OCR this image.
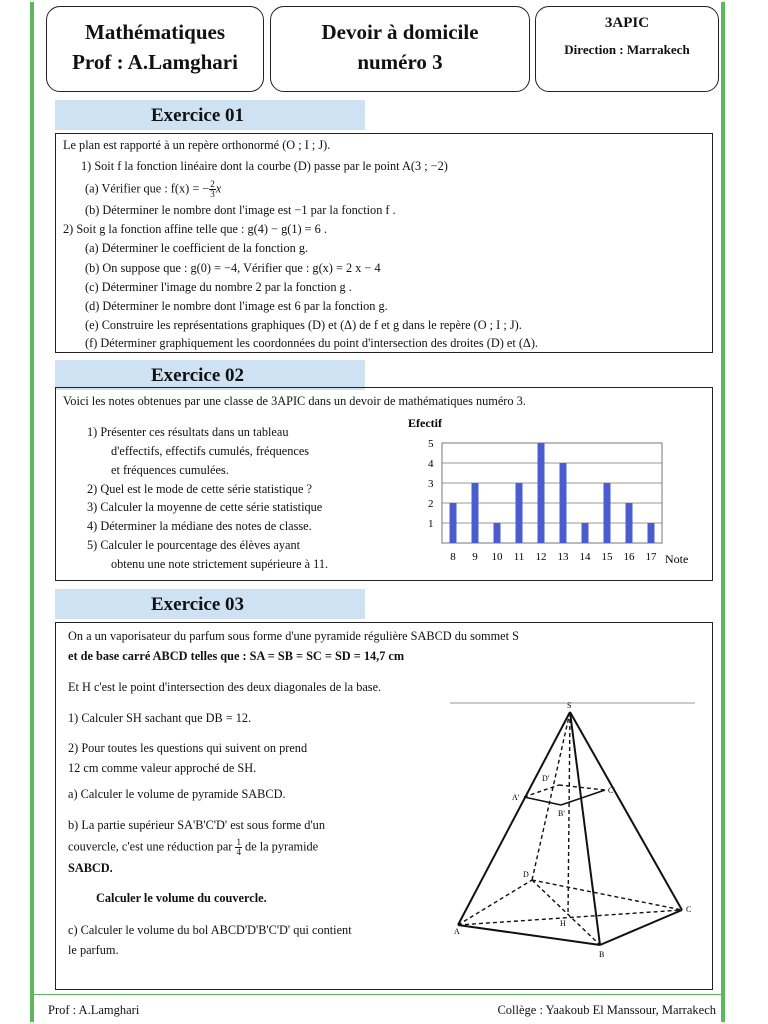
Mathématiques
Prof : A.Lamghari
Devoir à domicile
numéro 3
3APIC
Direction : Marrakech
Exercice 01
Le plan est rapporté à un repère orthonormé (O ; I ; J).
1) Soit f la fonction linéaire dont la courbe (D) passe par le point A(3 ; −2)
(a) Vérifier que : f(x) = − $\frac{2}{3}x$
(b) Déterminer le nombre dont l'image est −1 par la fonction f .
2) Soit g la fonction affine telle que : g(4) − g(1) = 6 .
(a) Déterminer le coefficient de la fonction g.
(b) On suppose que : g(0) = −4, Vérifier que : g(x) = 2 x − 4
(c) Déterminer l'image du nombre 2 par la fonction g .
(d) Déterminer le nombre dont l'image est 6 par la fonction g.
(e) Construire les représentations graphiques (D) et (Δ) de f et g dans le repère (O ; I ; J).
(f) Déterminer graphiquement les coordonnées du point d'intersection des droites (D) et (Δ).
Exercice 02
Voici les notes obtenues par une classe de 3APIC dans un devoir de mathématiques numéro 3.
1) Présenter ces résultats dans un tableau
d'effectifs, effectifs cumulés, fréquences
et fréquences cumulées.
2) Quel est le mode de cette série statistique ?
3) Calculer la moyenne de cette série statistique
4) Déterminer la médiane des notes de classe.
5) Calculer le pourcentage des élèves ayant
obtenu une note strictement supérieure à 11.
1
2
3
4
5
Efectif
8 9 10 11 12 13 14 15 16 17 Note
Exercice 03
On a un vaporisateur du parfum sous forme d'une pyramide régulière SABCD du sommet S
et de base carré ABCD telles que : SA = SB = SC = SD = 14,7 cm
Et H c'est le point d'intersection des deux diagonales de la base.
1) Calculer SH sachant que DB = 12.
2) Pour toutes les questions qui suivent on prend
12 cm comme valeur approché de SH.
a) Calculer le volume de pyramide SABCD.
b) La partie supérieur SA'B'C'D' est sous forme d'un
couvercle, c'est une réduction par $\frac{1}{4}$ de la pyramide
SABCD.
Calculer le volume du couvercle.
c) Calculer le volume du bol ABCD'D'B'C'D' qui contient
le parfum.
S
A
B
C
D
H
A'
B'
C'
D'
Prof : A.Lamghari	Collège : Yaakoub El Manssour, Marrakech
